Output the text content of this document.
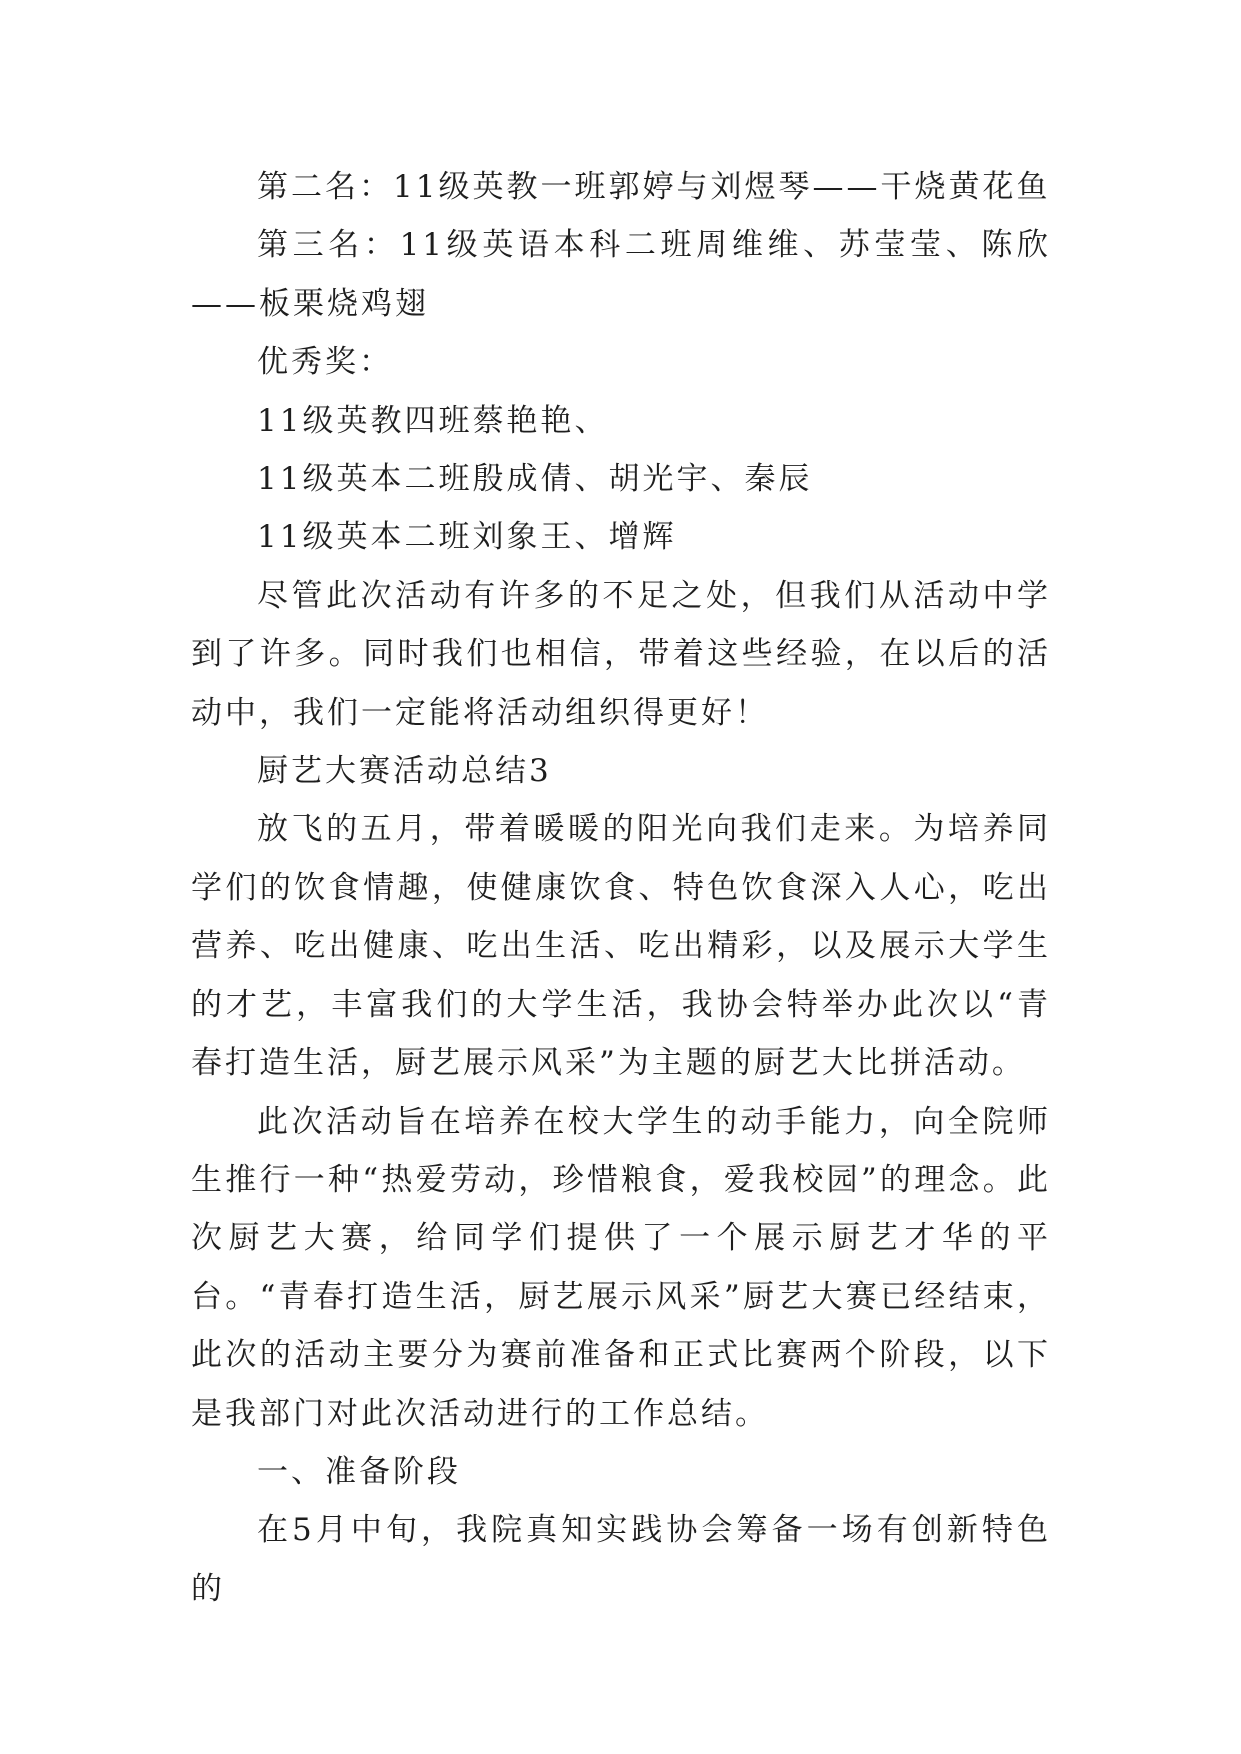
第二名：11级英教一班郭婷与刘煜琴——干烧黄花鱼

第三名：11级英语本科二班周维维、苏莹莹、陈欣——板栗烧鸡翅

优秀奖：

11级英教四班蔡艳艳、

11级英本二班殷成倩、胡光宇、秦辰

11级英本二班刘象王、增辉

尽管此次活动有许多的不足之处，但我们从活动中学到了许多。同时我们也相信，带着这些经验，在以后的活动中，我们一定能将活动组织得更好！

厨艺大赛活动总结3

放飞的五月，带着暖暖的阳光向我们走来。为培养同学们的饮食情趣，使健康饮食、特色饮食深入人心，吃出营养、吃出健康、吃出生活、吃出精彩，以及展示大学生的才艺，丰富我们的大学生活，我协会特举办此次以“青春打造生活，厨艺展示风采”为主题的厨艺大比拼活动。

此次活动旨在培养在校大学生的动手能力，向全院师生推行一种“热爱劳动，珍惜粮食，爱我校园”的理念。此次厨艺大赛，给同学们提供了一个展示厨艺才华的平台。“青春打造生活，厨艺展示风采”厨艺大赛已经结束，此次的活动主要分为赛前准备和正式比赛两个阶段，以下是我部门对此次活动进行的工作总结。

一、准备阶段

在5月中旬，我院真知实践协会筹备一场有创新特色的
